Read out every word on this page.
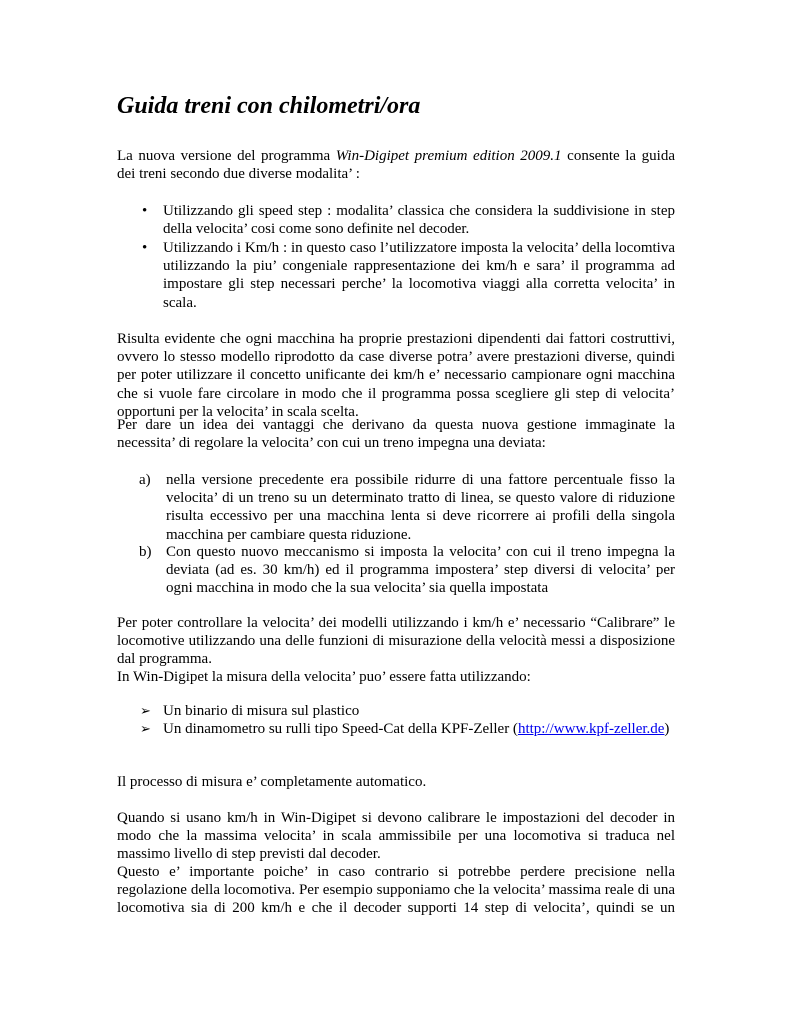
Guida treni con chilometri/ora

La nuova versione del programma Win-Digipet premium edition 2009.1 consente la guida dei treni secondo due diverse modalita’ :

• Utilizzando gli speed step : modalita’ classica che considera la suddivisione in step della velocita’ cosi come sono definite nel decoder.

• Utilizzando i Km/h : in questo caso l’utilizzatore imposta la velocita’ della locomtiva utilizzando la piu’ congeniale rappresentazione dei km/h e sara’ il programma ad impostare gli step necessari perche’ la locomotiva viaggi alla corretta velocita’ in scala.

Risulta evidente che ogni macchina ha proprie prestazioni dipendenti dai fattori costruttivi, ovvero lo stesso modello riprodotto da case diverse potra’ avere prestazioni diverse, quindi per poter utilizzare il concetto unificante dei km/h e’ necessario campionare ogni macchina che si vuole fare circolare in modo che il programma possa scegliere gli step di velocita’ opportuni per la velocita’ in scala scelta.

Per dare un idea dei vantaggi che derivano da questa nuova gestione immaginate la necessita’ di regolare la velocita’ con cui un treno impegna una deviata:

a) nella versione precedente era possibile ridurre di una fattore percentuale fisso la velocita’ di un treno su un determinato tratto di linea, se questo valore di riduzione risulta eccessivo per una macchina lenta si deve ricorrere ai profili della singola macchina per cambiare questa riduzione.

b) Con questo nuovo meccanismo si imposta la velocita’ con cui il treno impegna la deviata (ad es. 30 km/h) ed il programma impostera’ step diversi di velocita’ per ogni macchina in modo che la sua velocita’ sia quella impostata

Per poter controllare la velocita’ dei modelli utilizzando i km/h e’ necessario “Calibrare” le locomotive utilizzando una delle funzioni di misurazione della velocità messi a disposizione dal programma.

In Win-Digipet la misura della velocita’ puo’ essere fatta utilizzando:

➢ Un binario di misura sul plastico

➢ Un dinamometro su rulli tipo Speed-Cat della KPF-Zeller (http://www.kpf-zeller.de)

Il processo di misura e’ completamente automatico.

Quando si usano km/h in Win-Digipet si devono calibrare le impostazioni del decoder in modo che la massima velocita’ in scala ammissibile per una locomotiva si traduca nel massimo livello di step previsti dal decoder.

Questo e’ importante poiche’ in caso contrario si potrebbe perdere precisione nella regolazione della locomotiva. Per esempio supponiamo che la velocita’ massima reale di una locomotiva sia di 200 km/h e che il decoder supporti 14 step di velocita’, quindi se un
